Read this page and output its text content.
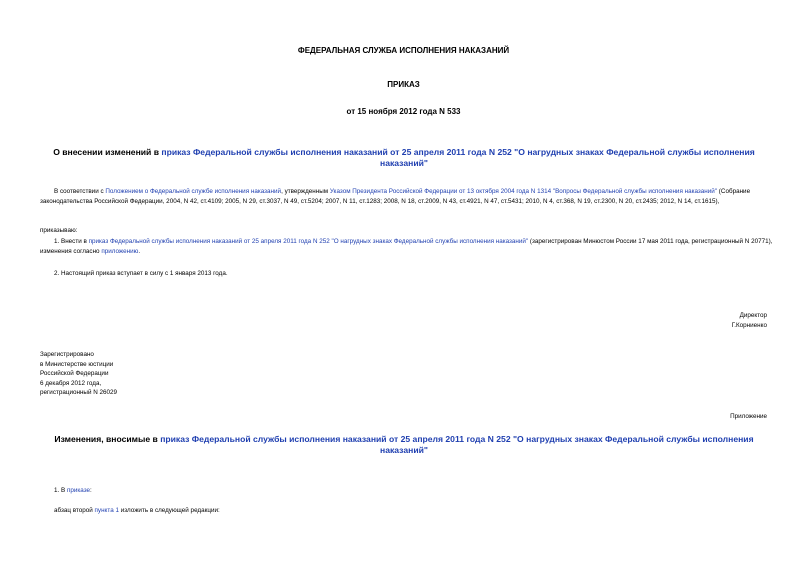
ФЕДЕРАЛЬНАЯ СЛУЖБА ИСПОЛНЕНИЯ НАКАЗАНИЙ

ПРИКАЗ

от 15 ноября 2012 года N 533

О внесении изменений в приказ Федеральной службы исполнения наказаний от 25 апреля 2011 года N 252 "О нагрудных знаках Федеральной службы исполнения наказаний"

В соответствии с Положением о Федеральной службе исполнения наказаний, утвержденным Указом Президента Российской Федерации от 13 октября 2004 года N 1314 "Вопросы Федеральной службы исполнения наказаний" (Собрание законодательства Российской Федерации, 2004, N 42, ст.4109; 2005, N 29, ст.3037, N 49, ст.5204; 2007, N 11, ст.1283; 2008, N 18, ст.2009, N 43, ст.4921, N 47, ст.5431; 2010, N 4, ст.368, N 19, ст.2300, N 20, ст.2435; 2012, N 14, ст.1615),

приказываю:

1. Внести в приказ Федеральной службы исполнения наказаний от 25 апреля 2011 года N 252 "О нагрудных знаках Федеральной службы исполнения наказаний" (зарегистрирован Минюстом России 17 мая 2011 года, регистрационный N 20771), изменения согласно приложению.

2. Настоящий приказ вступает в силу с 1 января 2013 года.

Директор

Г.Корниенко

Зарегистрировано
в Министерстве юстиции
Российской Федерации
6 декабря 2012 года,
регистрационный N 26029

Приложение

Изменения, вносимые в приказ Федеральной службы исполнения наказаний от 25 апреля 2011 года N 252 "О нагрудных знаках Федеральной службы исполнения наказаний"

1. В приказе:

абзац второй пункта 1 изложить в следующей редакции:
